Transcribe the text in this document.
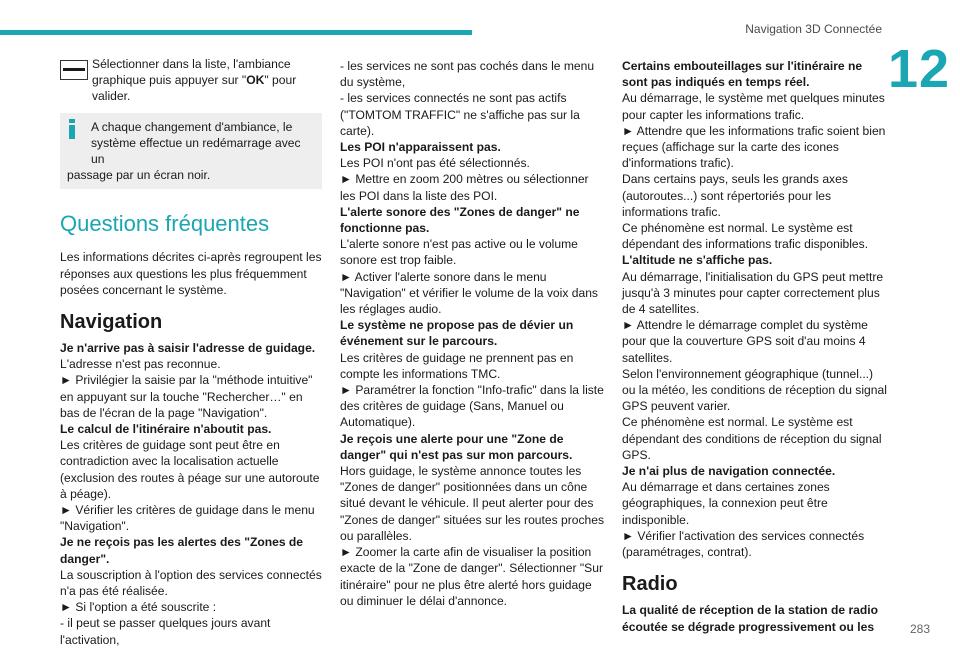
Navigation 3D Connectée
12

Sélectionner dans la liste, l'ambiance graphique puis appuyer sur "OK" pour valider.

A chaque changement d'ambiance, le système effectue un redémarrage avec un

passage par un écran noir.

Questions fréquentes

Les informations décrites ci-après regroupent les réponses aux questions les plus fréquemment posées concernant le système.

Navigation

Je n'arrive pas à saisir l'adresse de guidage.

L'adresse n'est pas reconnue.

► Privilégier la saisie par la "méthode intuitive" en appuyant sur la touche "Rechercher…" en bas de l'écran de la page "Navigation".

Le calcul de l'itinéraire n'aboutit pas.

Les critères de guidage sont peut être en contradiction avec la localisation actuelle (exclusion des routes à péage sur une autoroute à péage).

► Vérifier les critères de guidage dans le menu "Navigation".

Je ne reçois pas les alertes des "Zones de danger".

La souscription à l'option des services connectés n'a pas été réalisée.

► Si l'option a été souscrite :

- il peut se passer quelques jours avant l'activation,

- les services ne sont pas cochés dans le menu du système,

- les services connectés ne sont pas actifs ("TOMTOM TRAFFIC" ne s'affiche pas sur la carte).

Les POI n'apparaissent pas.

Les POI n'ont pas été sélectionnés.

► Mettre en zoom 200 mètres ou sélectionner les POI dans la liste des POI.

L'alerte sonore des "Zones de danger" ne fonctionne pas.

L'alerte sonore n'est pas active ou le volume sonore est trop faible.

► Activer l'alerte sonore dans le menu "Navigation" et vérifier le volume de la voix dans les réglages audio.

Le système ne propose pas de dévier un événement sur le parcours.

Les critères de guidage ne prennent pas en compte les informations TMC.

► Paramétrer la fonction "Info-trafic" dans la liste des critères de guidage (Sans, Manuel ou Automatique).

Je reçois une alerte pour une "Zone de danger" qui n'est pas sur mon parcours.

Hors guidage, le système annonce toutes les "Zones de danger" positionnées dans un cône situé devant le véhicule. Il peut alerter pour des "Zones de danger" situées sur les routes proches ou parallèles.

► Zoomer la carte afin de visualiser la position exacte de la "Zone de danger". Sélectionner "Sur itinéraire" pour ne plus être alerté hors guidage ou diminuer le délai d'annonce.

Certains embouteillages sur l'itinéraire ne sont pas indiqués en temps réel.

Au démarrage, le système met quelques minutes pour capter les informations trafic.

► Attendre que les informations trafic soient bien reçues (affichage sur la carte des icones d'informations trafic).

Dans certains pays, seuls les grands axes (autoroutes...) sont répertoriés pour les informations trafic.

Ce phénomène est normal. Le système est dépendant des informations trafic disponibles.

L'altitude ne s'affiche pas.

Au démarrage, l'initialisation du GPS peut mettre jusqu'à 3 minutes pour capter correctement plus de 4 satellites.

► Attendre le démarrage complet du système pour que la couverture GPS soit d'au moins 4 satellites.

Selon l'environnement géographique (tunnel...) ou la météo, les conditions de réception du signal GPS peuvent varier.

Ce phénomène est normal. Le système est dépendant des conditions de réception du signal GPS.

Je n'ai plus de navigation connectée.

Au démarrage et dans certaines zones géographiques, la connexion peut être indisponible.

► Vérifier l'activation des services connectés (paramétrages, contrat).

Radio

La qualité de réception de la station de radio écoutée se dégrade progressivement ou les	283
